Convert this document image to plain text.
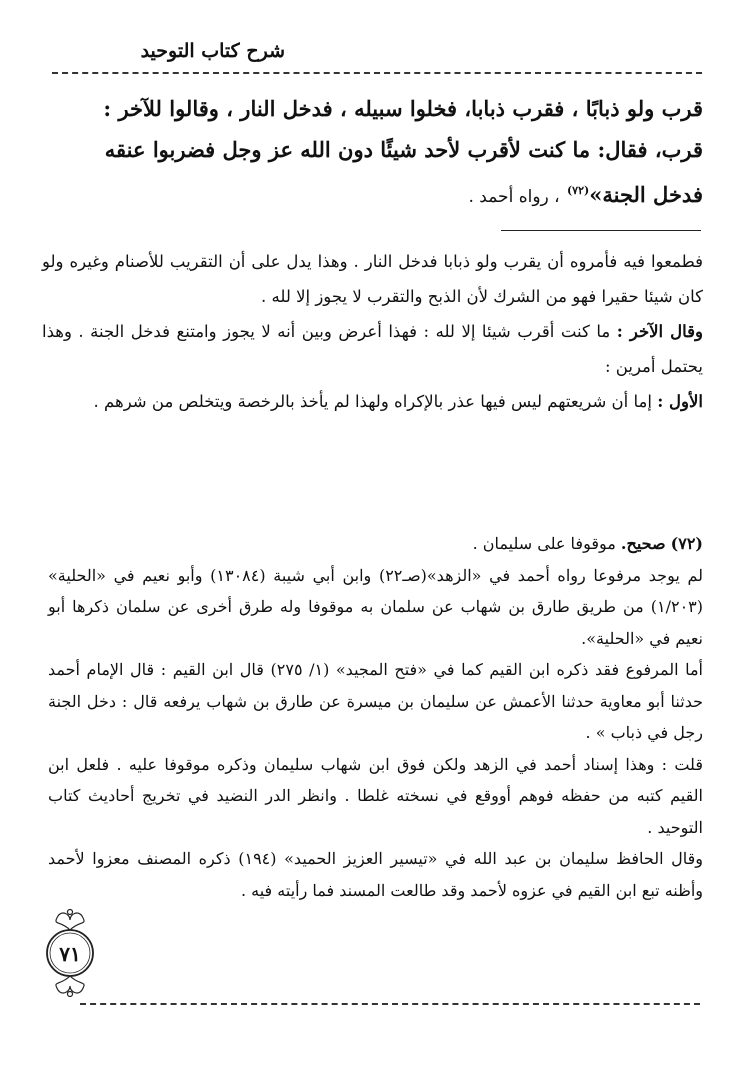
شرح كتاب التوحيد

قرب ولو ذبابًا ، فقرب ذبابا، فخلوا سبيله ، فدخل النار ، وقالوا للآخر :

قرب، فقال: ما كنت لأقرب لأحد شيئًا دون الله عز وجل فضربوا عنقه

فدخل الجنة»$^{(٧٢)}$ ، رواه أحمد .

فطمعوا فيه فأمروه أن يقرب ولو ذبابا فدخل النار . وهذا يدل على أن التقريب للأصنام وغيره ولو كان شيئا حقيرا فهو من الشرك لأن الذبح والتقرب لا يجوز إلا لله .

وقال الآخر : ما كنت أقرب شيئا إلا لله : فهذا أعرض وبين أنه لا يجوز وامتنع فدخل الجنة . وهذا يحتمل أمرين :

الأول : إما أن شريعتهم ليس فيها عذر بالإكراه ولهذا لم يأخذ بالرخصة ويتخلص من شرهم .

(٧٢) صحيح. موقوفا على سليمان .

لم يوجد مرفوعا رواه أحمد في «الزهد»(صـ٢٢) وابن أبي شيبة (١٣٠٨٤) وأبو نعيم في «الحلية» (١/٢٠٣) من طريق طارق بن شهاب عن سلمان به موقوفا وله طرق أخرى عن سلمان ذكرها أبو نعيم في «الحلية».

أما المرفوع فقد ذكره ابن القيم كما في «فتح المجيد» (١/ ٢٧٥) قال ابن القيم : قال الإمام أحمد حدثنا أبو معاوية حدثنا الأعمش عن سليمان بن ميسرة عن طارق بن شهاب يرفعه قال : دخل الجنة رجل في ذباب » .

قلت : وهذا إسناد أحمد في الزهد ولكن فوق ابن شهاب سليمان وذكره موقوفا عليه . فلعل ابن القيم كتبه من حفظه فوهم أووقع في نسخته غلطا . وانظر الدر النضيد في تخريج أحاديث كتاب التوحيد .

وقال الحافظ سليمان بن عبد الله في «تيسير العزيز الحميد» (١٩٤) ذكره المصنف معزوا لأحمد وأظنه تبع ابن القيم في عزوه لأحمد وقد طالعت المسند فما رأيته فيه .

٧١
